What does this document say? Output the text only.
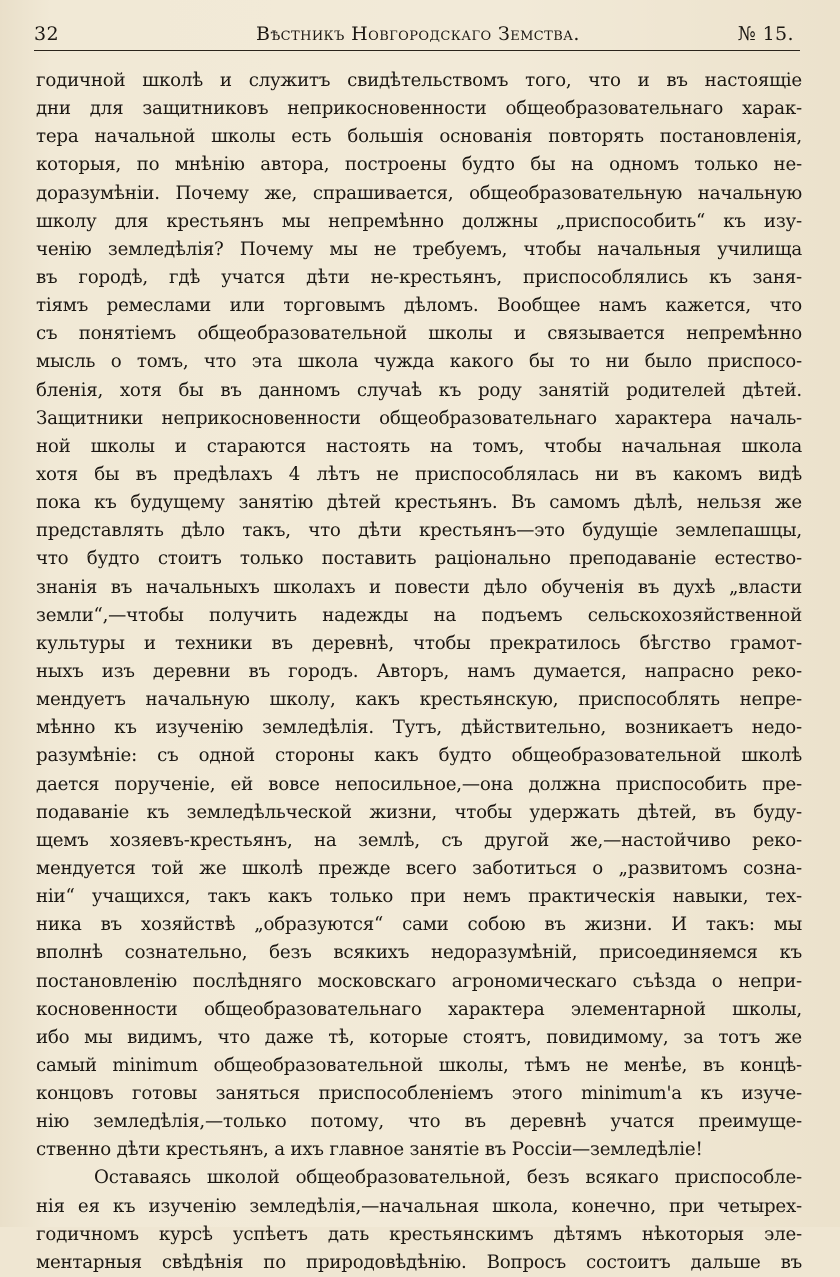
32	Вѣстникъ Новгородскаго Земства.	№ 15.
годичной школѣ и служитъ свидѣтельствомъ того, что и въ настоящіе
дни для защитниковъ неприкосновенности общеобразовательнаго харак-
тера начальной школы есть большія основанія повторять постановленія,
которыя, по мнѣнію автора, построены будто бы на одномъ только не-
доразумѣніи. Почему же, спрашивается, общеобразовательную начальную
школу для крестьянъ мы непремѣнно должны „приспособить“ къ изу-
ченію земледѣлія? Почему мы не требуемъ, чтобы начальныя училища
въ городѣ, гдѣ учатся дѣти не-крестьянъ, приспособлялись къ заня-
тіямъ ремеслами или торговымъ дѣломъ. Вообщее намъ кажется, что
съ понятіемъ общеобразовательной школы и связывается непремѣнно
мысль о томъ, что эта школа чужда какого бы то ни было приспосо-
бленія, хотя бы въ данномъ случаѣ къ роду занятій родителей дѣтей.
Защитники неприкосновенности общеобразовательнаго характера началь-
ной школы и стараются настоять на томъ, чтобы начальная школа
хотя бы въ предѣлахъ 4 лѣтъ не приспособлялась ни въ какомъ видѣ
пока къ будущему занятію дѣтей крестьянъ. Въ самомъ дѣлѣ, нельзя же
представлять дѣло такъ, что дѣти крестьянъ—это будущіе землепашцы,
что будто стоитъ только поставить раціонально преподаваніе естество-
знанія въ начальныхъ школахъ и повести дѣло обученія въ духѣ „власти
земли“,—чтобы получить надежды на подъемъ сельскохозяйственной
культуры и техники въ деревнѣ, чтобы прекратилось бѣгство грамот-
ныхъ изъ деревни въ городъ. Авторъ, намъ думается, напрасно реко-
мендуетъ начальную школу, какъ крестьянскую, приспособлять непре-
мѣнно къ изученію земледѣлія. Тутъ, дѣйствительно, возникаетъ недо-
разумѣніе: съ одной стороны какъ будто общеобразовательной школѣ
дается порученіе, ей вовсе непосильное,—она должна приспособить пре-
подаваніе къ земледѣльческой жизни, чтобы удержать дѣтей, въ буду-
щемъ хозяевъ-крестьянъ, на землѣ, съ другой же,—настойчиво реко-
мендуется той же школѣ прежде всего заботиться о „развитомъ созна-
ніи“ учащихся, такъ какъ только при немъ практическія навыки, тех-
ника въ хозяйствѣ „образуются“ сами собою въ жизни. И такъ: мы
вполнѣ сознательно, безъ всякихъ недоразумѣній, присоединяемся къ
постановленію послѣдняго московскаго агрономическаго съѣзда о непри-
косновенности общеобразовательнаго характера элементарной школы,
ибо мы видимъ, что даже тѣ, которые стоятъ, повидимому, за тотъ же
самый minimum общеобразовательной школы, тѣмъ не менѣе, въ концѣ-
концовъ готовы заняться приспособленіемъ этого minimum'а къ изуче-
нію земледѣлія,—только потому, что въ деревнѣ учатся преимуще-
ственно дѣти крестьянъ, а ихъ главное занятіе въ Россіи—земледѣліе!
Оставаясь школой общеобразовательной, безъ всякаго приспособле-
нія ея къ изученію земледѣлія,—начальная школа, конечно, при четырех-
годичномъ курсѣ успѣетъ дать крестьянскимъ дѣтямъ нѣкоторыя эле-
ментарныя свѣдѣнія по природовѣдѣнію. Вопросъ состоитъ дальше въ
